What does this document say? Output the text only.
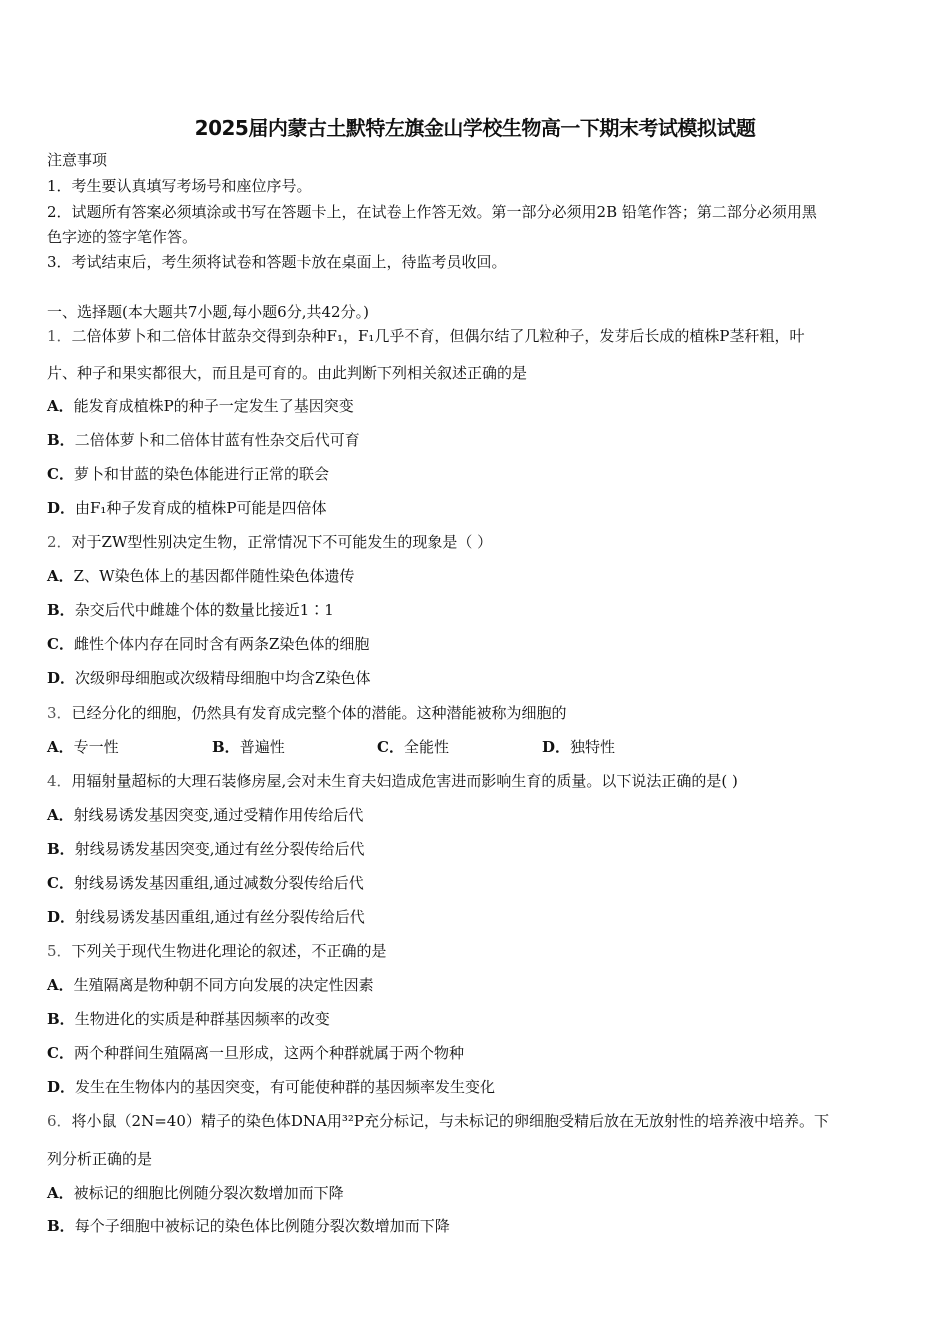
2025届内蒙古土默特左旗金山学校生物高一下期末考试模拟试题
注意事项
1．考生要认真填写考场号和座位序号。
2．试题所有答案必须填涂或书写在答题卡上，在试卷上作答无效。第一部分必须用2B 铅笔作答；第二部分必须用黑
色字迹的签字笔作答。
3．考试结束后，考生须将试卷和答题卡放在桌面上，待监考员收回。
一、选择题(本大题共7小题,每小题6分,共42分。)
1．二倍体萝卜和二倍体甘蓝杂交得到杂种F₁，F₁几乎不育，但偶尔结了几粒种子，发芽后长成的植株P茎秆粗，叶
片、种子和果实都很大，而且是可育的。由此判断下列相关叙述正确的是
A．能发育成植株P的种子一定发生了基因突变
B．二倍体萝卜和二倍体甘蓝有性杂交后代可育
C．萝卜和甘蓝的染色体能进行正常的联会
D．由F₁种子发育成的植株P可能是四倍体
2．对于ZW型性别决定生物，正常情况下不可能发生的现象是（ ）
A．Z、W染色体上的基因都伴随性染色体遗传
B．杂交后代中雌雄个体的数量比接近1∶1
C．雌性个体内存在同时含有两条Z染色体的细胞
D．次级卵母细胞或次级精母细胞中均含Z染色体
3．已经分化的细胞，仍然具有发育成完整个体的潜能。这种潜能被称为细胞的
A．专一性	B．普遍性	C．全能性	D．独特性
4．用辐射量超标的大理石装修房屋,会对未生育夫妇造成危害进而影响生育的质量。以下说法正确的是( )
A．射线易诱发基因突变,通过受精作用传给后代
B．射线易诱发基因突变,通过有丝分裂传给后代
C．射线易诱发基因重组,通过减数分裂传给后代
D．射线易诱发基因重组,通过有丝分裂传给后代
5．下列关于现代生物进化理论的叙述，不正确的是
A．生殖隔离是物种朝不同方向发展的决定性因素
B．生物进化的实质是种群基因频率的改变
C．两个种群间生殖隔离一旦形成，这两个种群就属于两个物种
D．发生在生物体内的基因突变，有可能使种群的基因频率发生变化
6．将小鼠（2N=40）精子的染色体DNA用³²P充分标记，与未标记的卵细胞受精后放在无放射性的培养液中培养。下
列分析正确的是
A．被标记的细胞比例随分裂次数增加而下降
B．每个子细胞中被标记的染色体比例随分裂次数增加而下降
